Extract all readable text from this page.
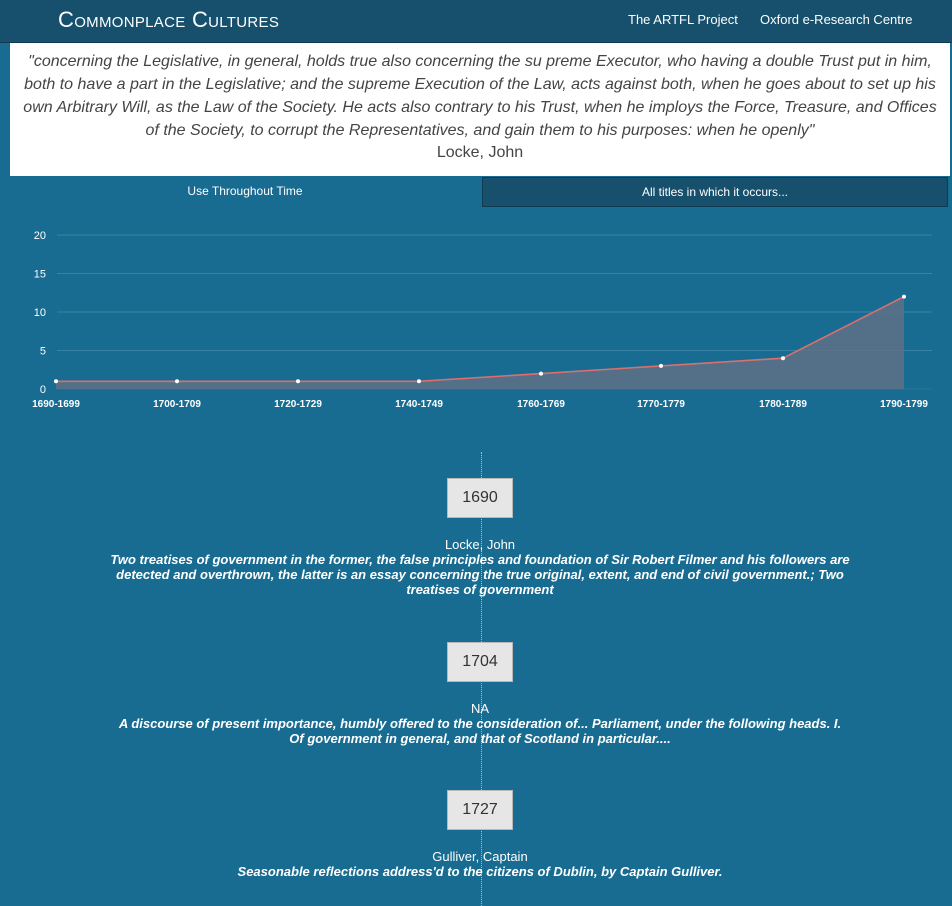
Commonplace Cultures	The ARTFL Project Oxford e-Research Centre
"concerning the Legislative, in general, holds true also concerning the su preme Executor, who having a double Trust put in him, both to have a part in the Legislative; and the supreme Execution of the Law, acts against both, when he goes about to set up his own Arbitrary Will, as the Law of the Society. He acts also contrary to his Trust, when he imploys the Force, Treasure, and Offices of the Society, to corrupt the Representatives, and gain them to his purposes: when he openly"
Locke, John
Use Throughout Time	All titles in which it occurs...
0
5
10
15
20
1690-1699	1700-1709	1720-1729	1740-1749	1760-1769	1770-1779	1780-1789	1790-1799
1690
Locke, John
Two treatises of government in the former, the false principles and foundation of Sir Robert Filmer and his followers are detected and overthrown, the latter is an essay concerning the true original, extent, and end of civil government.; Two treatises of government
1704
NA
A discourse of present importance, humbly offered to the consideration of... Parliament, under the following heads. I. Of government in general, and that of Scotland in particular....
1727
Gulliver, Captain
Seasonable reflections address'd to the citizens of Dublin, by Captain Gulliver.
